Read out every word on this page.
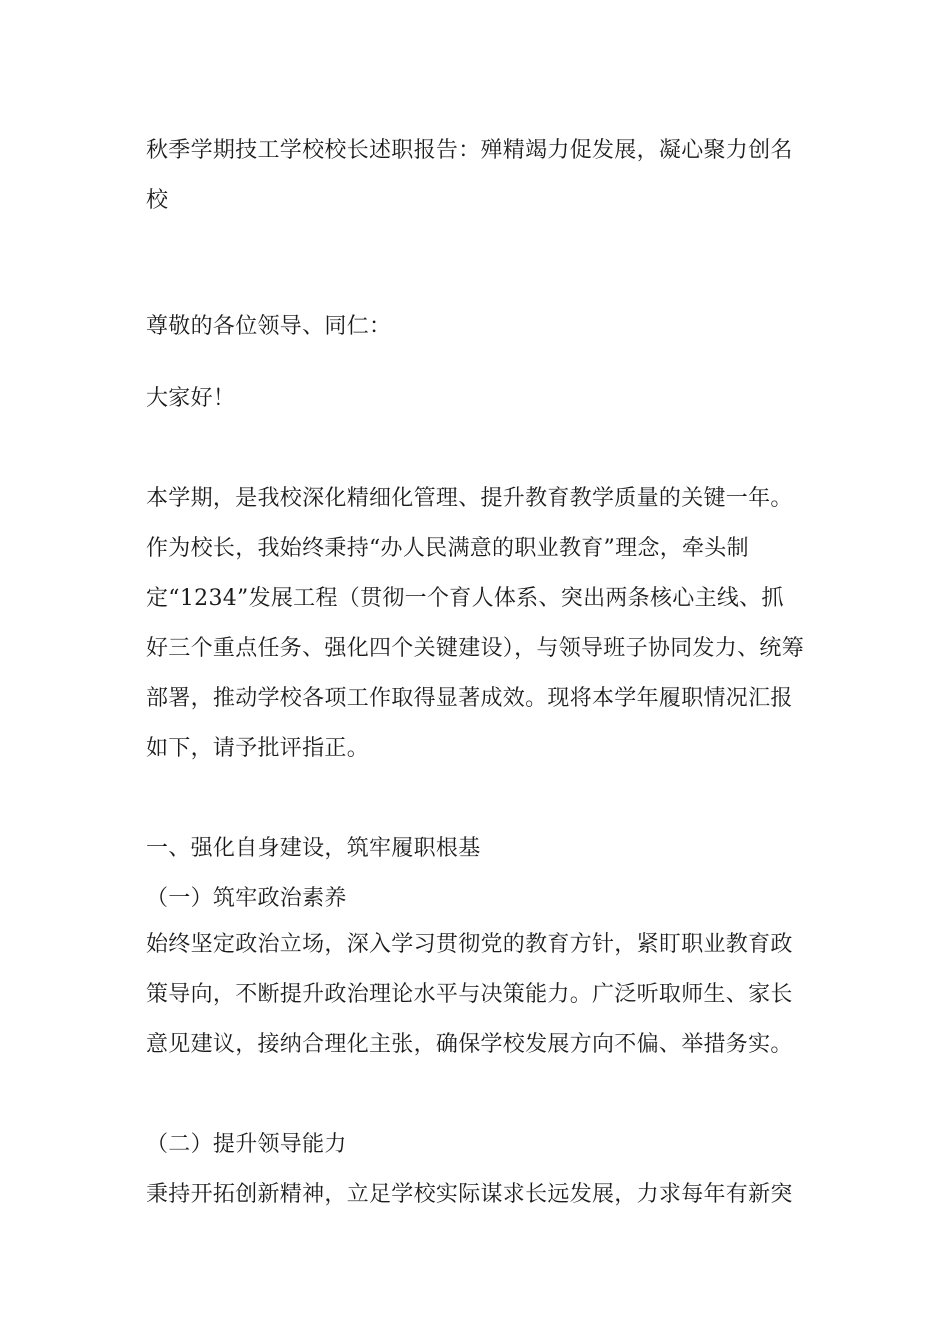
秋季学期技工学校校长述职报告：殚精竭力促发展，凝心聚力创名校

尊敬的各位领导、同仁：

大家好！

本学期，是我校深化精细化管理、提升教育教学质量的关键一年。作为校长，我始终秉持“办人民满意的职业教育”理念，牵头制定“1234”发展工程（贯彻一个育人体系、突出两条核心主线、抓好三个重点任务、强化四个关键建设），与领导班子协同发力、统筹部署，推动学校各项工作取得显著成效。现将本学年履职情况汇报如下，请予批评指正。

一、强化自身建设，筑牢履职根基

（一）筑牢政治素养

始终坚定政治立场，深入学习贯彻党的教育方针，紧盯职业教育政策导向，不断提升政治理论水平与决策能力。广泛听取师生、家长意见建议，接纳合理化主张，确保学校发展方向不偏、举措务实。

（二）提升领导能力

秉持开拓创新精神，立足学校实际谋求长远发展，力求每年有新突
